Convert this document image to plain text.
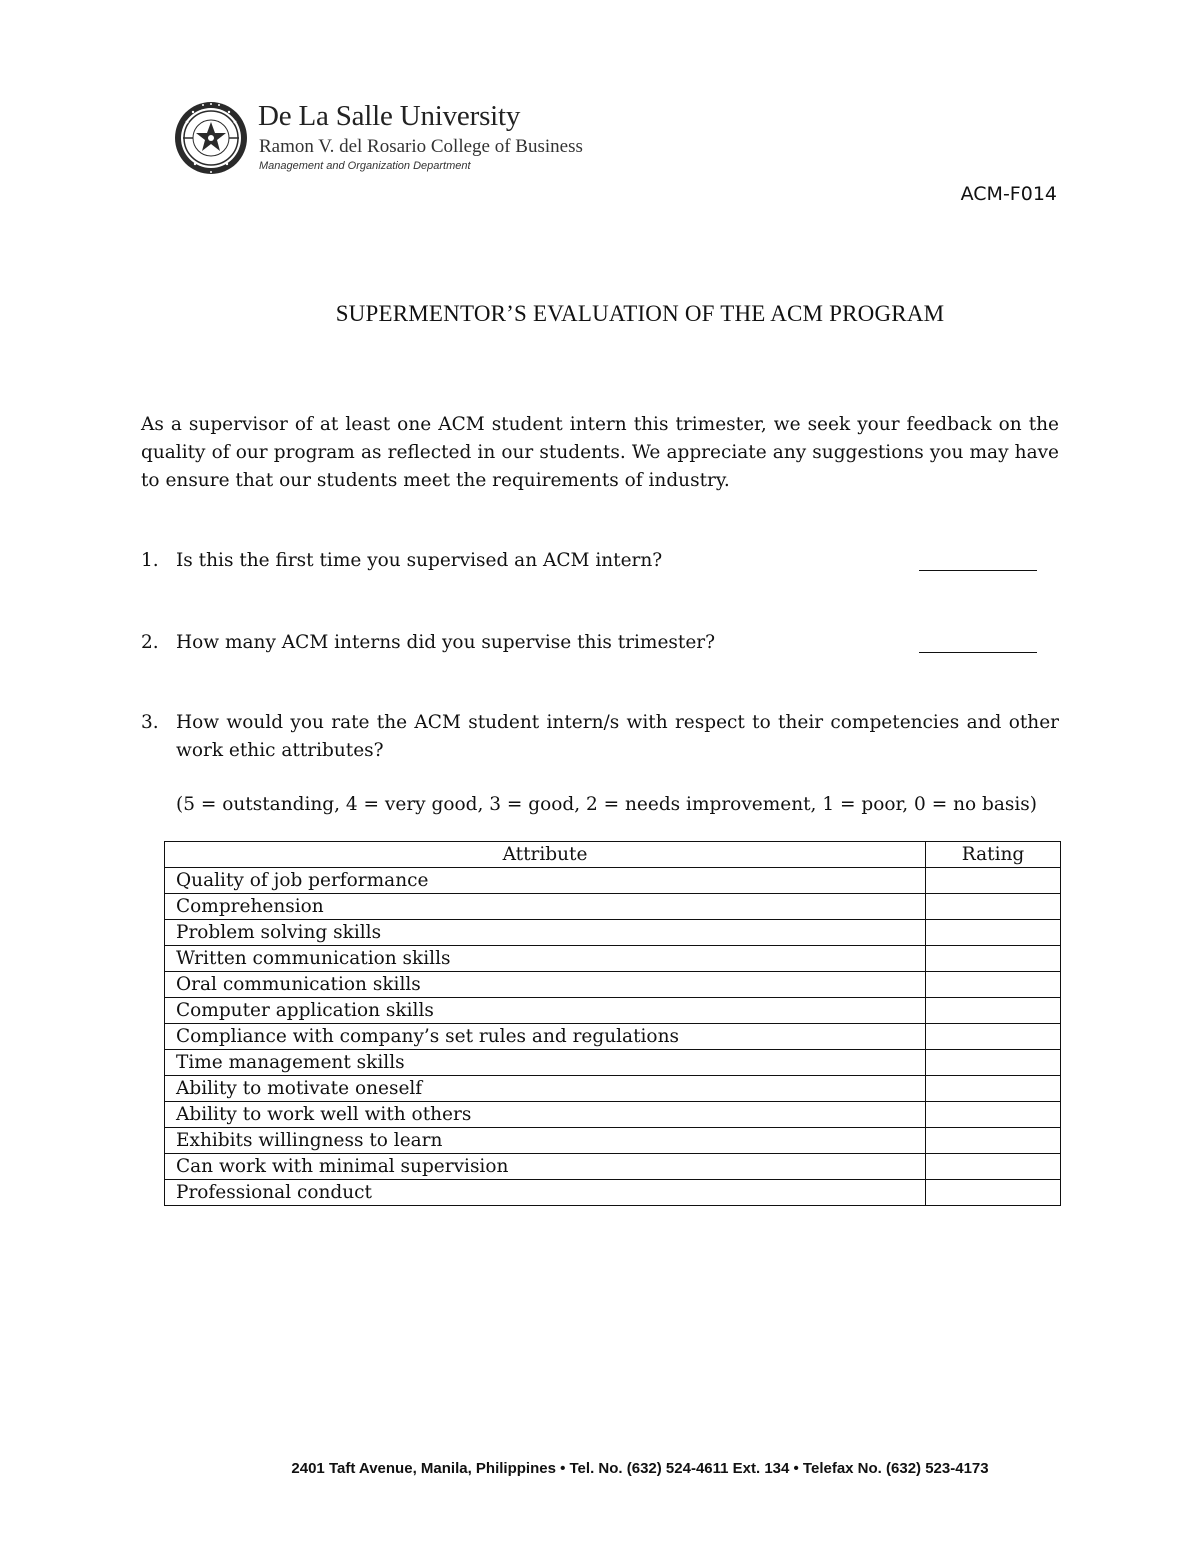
De La Salle University
Ramon V. del Rosario College of Business
Management and Organization Department
ACM-F014
SUPERMENTOR’S EVALUATION OF THE ACM PROGRAM
As a supervisor of at least one ACM student intern this trimester, we seek your feedback on the quality of our program as reflected in our students. We appreciate any suggestions you may have to ensure that our students meet the requirements of industry.
1. Is this the first time you supervised an ACM intern?
2. How many ACM interns did you supervise this trimester?
3. How would you rate the ACM student intern/s with respect to their competencies and other work ethic attributes?
(5 = outstanding, 4 = very good, 3 = good, 2 = needs improvement, 1 = poor, 0 = no basis)
Attribute	Rating
Quality of job performance	
Comprehension	
Problem solving skills	
Written communication skills	
Oral communication skills	
Computer application skills	
Compliance with company’s set rules and regulations	
Time management skills	
Ability to motivate oneself	
Ability to work well with others	
Exhibits willingness to learn	
Can work with minimal supervision	
Professional conduct	
2401 Taft Avenue, Manila, Philippines • Tel. No. (632) 524-4611 Ext. 134 • Telefax No. (632) 523-4173
